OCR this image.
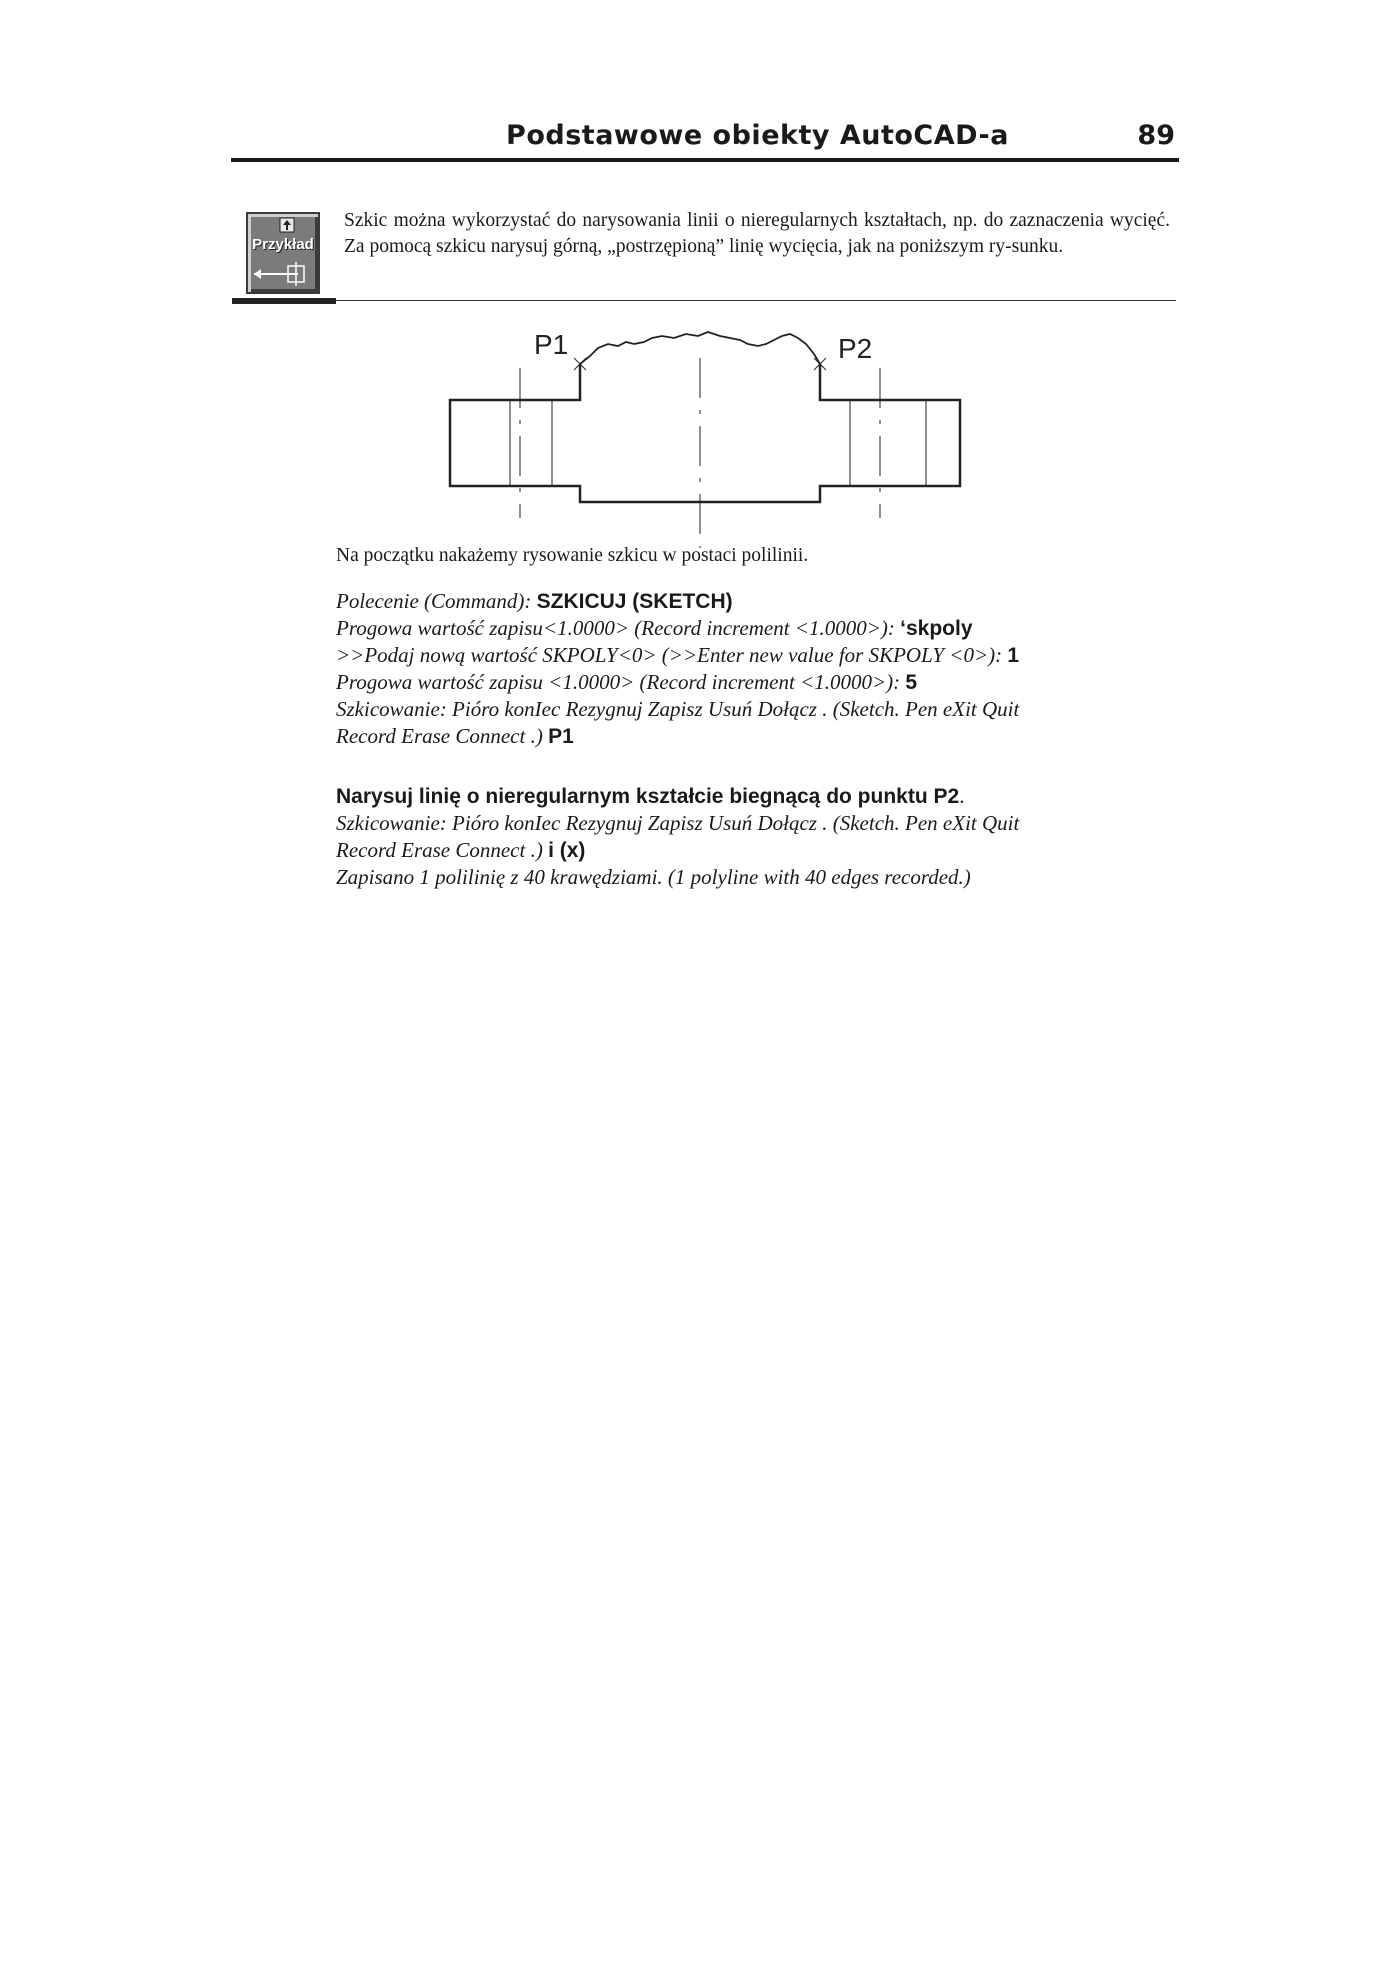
Podstawowe obiekty AutoCAD-a	89
Przykład
Szkic można wykorzystać do narysowania linii o nieregularnych kształtach, np. do zaznaczenia wycięć. Za pomocą szkicu narysuj górną, „postrzępioną” linię wycięcia, jak na poniższym ry-sunku.
P1	P2
Na początku nakażemy rysowanie szkicu w postaci polilinii.
Polecenie (Command): SZKICUJ (SKETCH)
Progowa wartość zapisu<1.0000> (Record increment <1.0000>): ‘skpoly
>>Podaj nową wartość SKPOLY<0> (>>Enter new value for SKPOLY <0>): 1
Progowa wartość zapisu <1.0000> (Record increment <1.0000>): 5
Szkicowanie: Pióro konIec Rezygnuj Zapisz Usuń Dołącz . (Sketch. Pen eXit Quit
Record Erase Connect .) P1
Narysuj linię o nieregularnym kształcie biegnącą do punktu P2.
Szkicowanie: Pióro konIec Rezygnuj Zapisz Usuń Dołącz . (Sketch. Pen eXit Quit
Record Erase Connect .) i (x)
Zapisano 1 polilinię z 40 krawędziami. (1 polyline with 40 edges recorded.)
